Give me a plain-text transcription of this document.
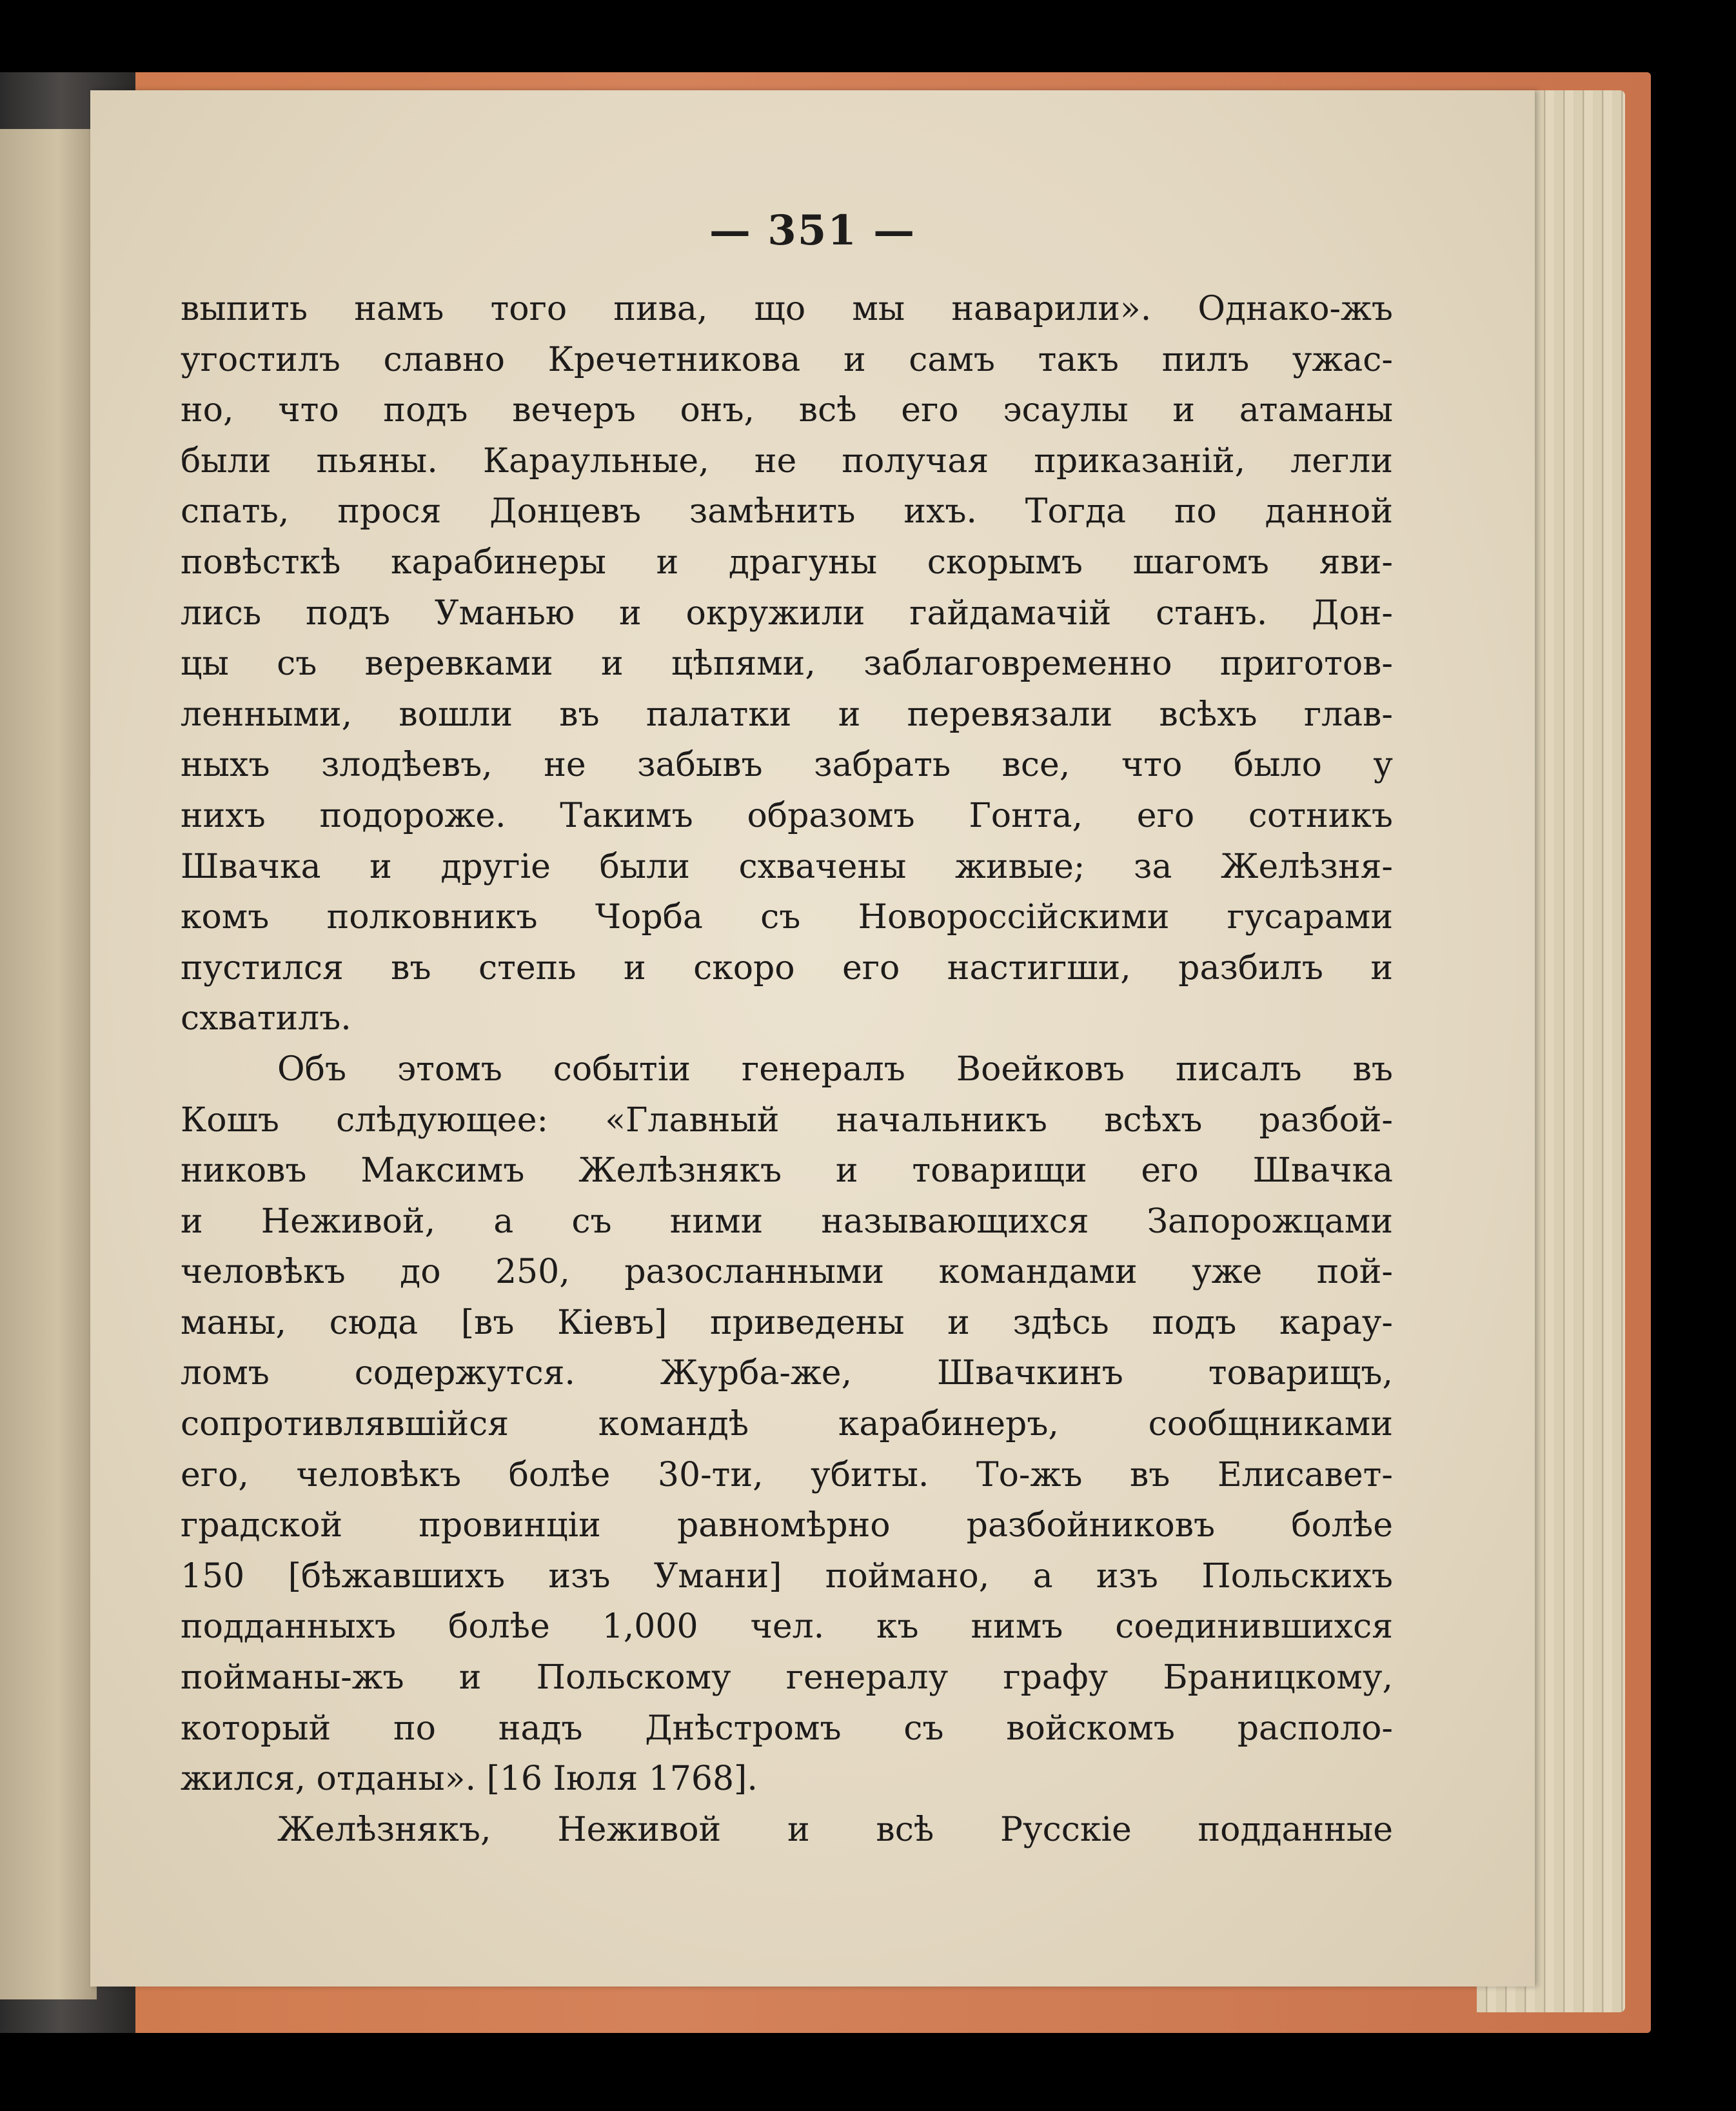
— 351 —
выпить намъ того пива, що мы наварили». Однако-жъ
угостилъ славно Кречетникова и самъ такъ пилъ ужас-
но, что подъ вечеръ онъ, всѣ его эсаулы и атаманы
были пьяны. Караульные, не получая приказаній, легли
спать, прося Донцевъ замѣнить ихъ. Тогда по данной
повѣсткѣ карабинеры и драгуны скорымъ шагомъ яви-
лись подъ Уманью и окружили гайдамачій станъ. Дон-
цы съ веревками и цѣпями, заблаговременно приготов-
ленными, вошли въ палатки и перевязали всѣхъ глав-
ныхъ злодѣевъ, не забывъ забрать все, что было у
нихъ подороже. Такимъ образомъ Гонта, его сотникъ
Швачка и другіе были схвачены живые; за Желѣзня-
комъ полковникъ Чорба съ Новороссійскими гусарами
пустился въ степь и скоро его настигши, разбилъ и
схватилъ.
Объ этомъ событіи генералъ Воейковъ писалъ въ
Кошъ слѣдующее: «Главный начальникъ всѣхъ разбой-
никовъ Максимъ Желѣзнякъ и товарищи его Швачка
и Неживой, а съ ними называющихся Запорожцами
человѣкъ до 250, разосланными командами уже пой-
маны, сюда [въ Кіевъ] приведены и здѣсь подъ карау-
ломъ содержутся. Журба-же, Швачкинъ товарищъ,
сопротивлявшійся командѣ карабинеръ, сообщниками
его, человѣкъ болѣе 30-ти, убиты. То-жъ въ Елисавет-
градской провинціи равномѣрно разбойниковъ болѣе
150 [бѣжавшихъ изъ Умани] поймано, а изъ Польскихъ
подданныхъ болѣе 1,000 чел. къ нимъ соединившихся
пойманы-жъ и Польскому генералу графу Браницкому,
который по надъ Днѣстромъ съ войскомъ располо-
жился, отданы». [16 Іюля 1768].
Желѣзнякъ, Неживой и всѣ Русскіе подданные
